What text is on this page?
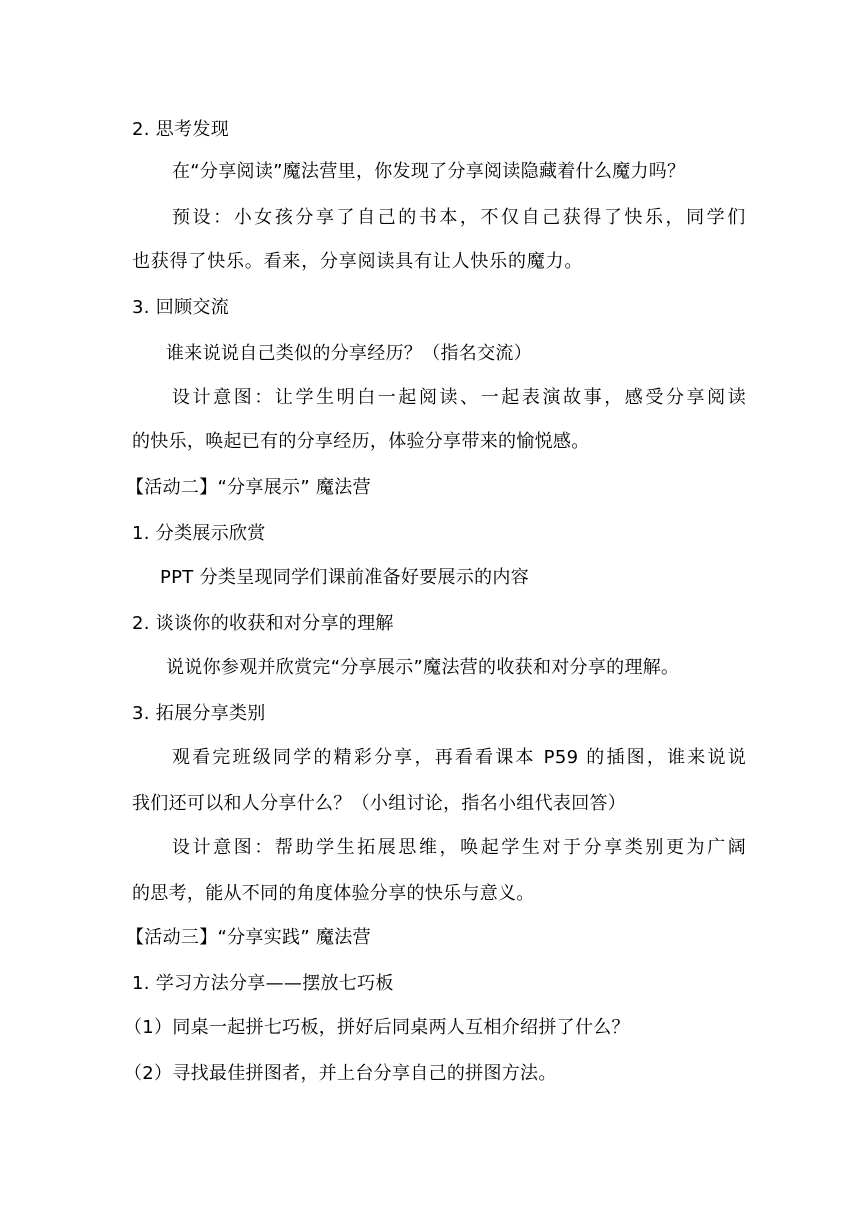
2. 思考发现
在“分享阅读”魔法营里，你发现了分享阅读隐藏着什么魔力吗？
预设：小女孩分享了自己的书本，不仅自己获得了快乐，同学们
也获得了快乐。看来，分享阅读具有让人快乐的魔力。
3. 回顾交流
谁来说说自己类似的分享经历？（指名交流）
设计意图：让学生明白一起阅读、一起表演故事，感受分享阅读
的快乐，唤起已有的分享经历，体验分享带来的愉悦感。
【活动二】“分享展示” 魔法营
1. 分类展示欣赏
PPT 分类呈现同学们课前准备好要展示的内容
2. 谈谈你的收获和对分享的理解
说说你参观并欣赏完“分享展示”魔法营的收获和对分享的理解。
3. 拓展分享类别
观看完班级同学的精彩分享，再看看课本 P59 的插图，谁来说说
我们还可以和人分享什么？（小组讨论，指名小组代表回答）
设计意图：帮助学生拓展思维，唤起学生对于分享类别更为广阔
的思考，能从不同的角度体验分享的快乐与意义。
【活动三】“分享实践” 魔法营
1. 学习方法分享——摆放七巧板
（1）同桌一起拼七巧板，拼好后同桌两人互相介绍拼了什么？
（2）寻找最佳拼图者，并上台分享自己的拼图方法。
